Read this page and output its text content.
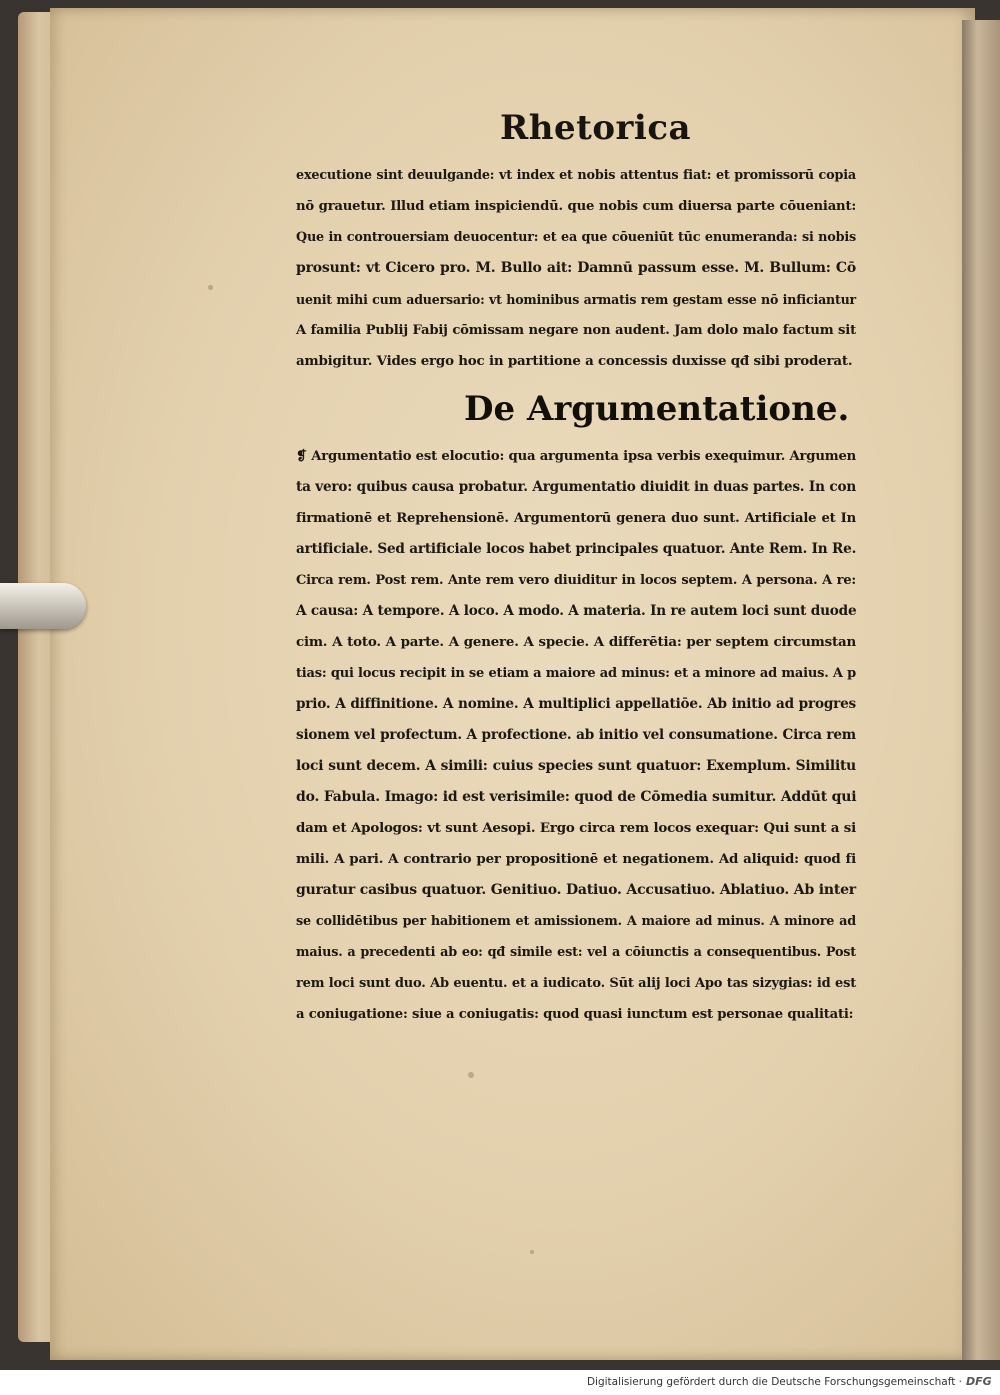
Rhetorica
executione sint deuulgande: vt index et nobis attentus fiat: et promissorū copia
nō grauetur. Illud etiam inspiciendū. que nobis cum diuersa parte cōueniant:
Que in controuersiam deuocentur: et ea que cōueniūt tūc enumeranda: si nobis
prosunt: vt Cicero pro. M. Bullo ait: Damnū passum esse. M. Bullum: Cō
uenit mihi cum aduersario: vt hominibus armatis rem gestam esse nō inficiantur
A familia Publij Fabij cōmissam negare non audent. Jam dolo malo factum sit
ambigitur. Vides ergo hoc in partitione a concessis duxisse qđ sibi proderat.
De Argumentatione.
❡ Argumentatio est elocutio: qua argumenta ipsa verbis exequimur. Argumen
ta vero: quibus causa probatur. Argumentatio diuidit in duas partes. In con
firmationē et Reprehensionē. Argumentorū genera duo sunt. Artificiale et In
artificiale. Sed artificiale locos habet principales quatuor. Ante Rem. In Re.
Circa rem. Post rem. Ante rem vero diuiditur in locos septem. A persona. A re:
A causa: A tempore. A loco. A modo. A materia. In re autem loci sunt duode
cim. A toto. A parte. A genere. A specie. A differētia: per septem circumstan
tias: qui locus recipit in se etiam a maiore ad minus: et a minore ad maius. A p
prio. A diffinitione. A nomine. A multiplici appellatiōe. Ab initio ad progres
sionem vel profectum. A profectione. ab initio vel consumatione. Circa rem
loci sunt decem. A simili: cuius species sunt quatuor: Exemplum. Similitu
do. Fabula. Imago: id est verisimile: quod de Cōmedia sumitur. Addūt qui
dam et Apologos: vt sunt Aesopi. Ergo circa rem locos exequar: Qui sunt a si
mili. A pari. A contrario per propositionē et negationem. Ad aliquid: quod fi
guratur casibus quatuor. Genitiuo. Datiuo. Accusatiuo. Ablatiuo. Ab inter
se collidētibus per habitionem et amissionem. A maiore ad minus. A minore ad
maius. a precedenti ab eo: qđ simile est: vel a cōiunctis a consequentibus. Post
rem loci sunt duo. Ab euentu. et a iudicato. Sūt alij loci Apo tas sizygias: id est
a coniugatione: siue a coniugatis: quod quasi iunctum est personae qualitati:
Digitalisierung gefördert durch die Deutsche Forschungsgemeinschaft · DFG
